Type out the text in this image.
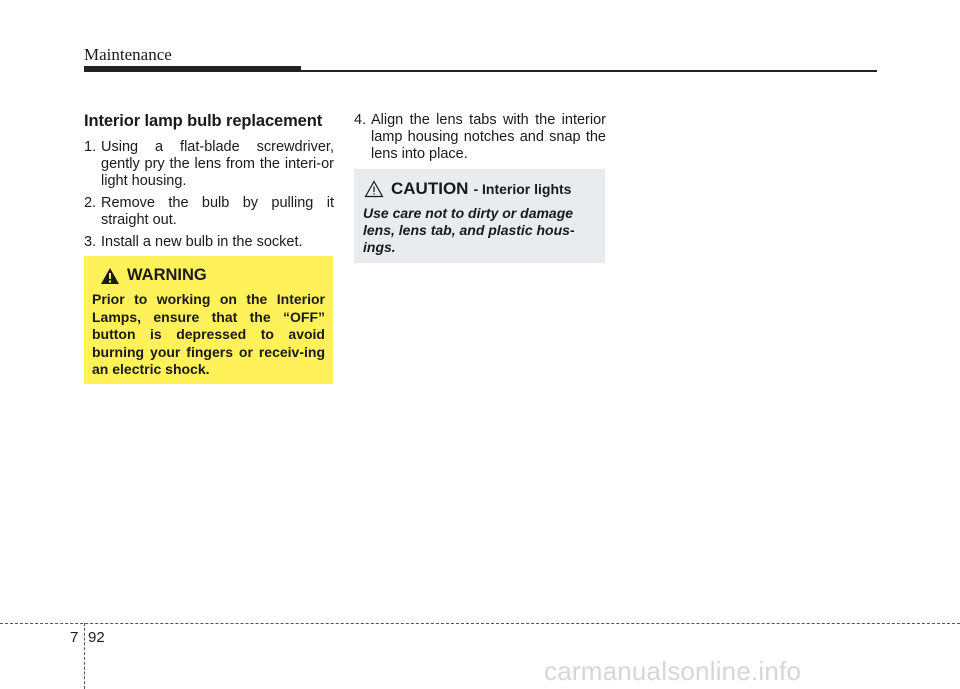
Maintenance
Interior lamp bulb replacement
1. Using a flat-blade screwdriver, gently pry the lens from the interi-or light housing.
2. Remove the bulb by pulling it straight out.
3. Install a new bulb in the socket.
4. Align the lens tabs with the interior lamp housing notches and snap the lens into place.
WARNING
Prior to working on the Interior Lamps, ensure that the “OFF” button is depressed to avoid burning your fingers or receiv-ing an electric shock.
CAUTION - Interior lights
Use care not to dirty or damage lens, lens tab, and plastic hous-ings.
7 92
carmanualsonline.info
